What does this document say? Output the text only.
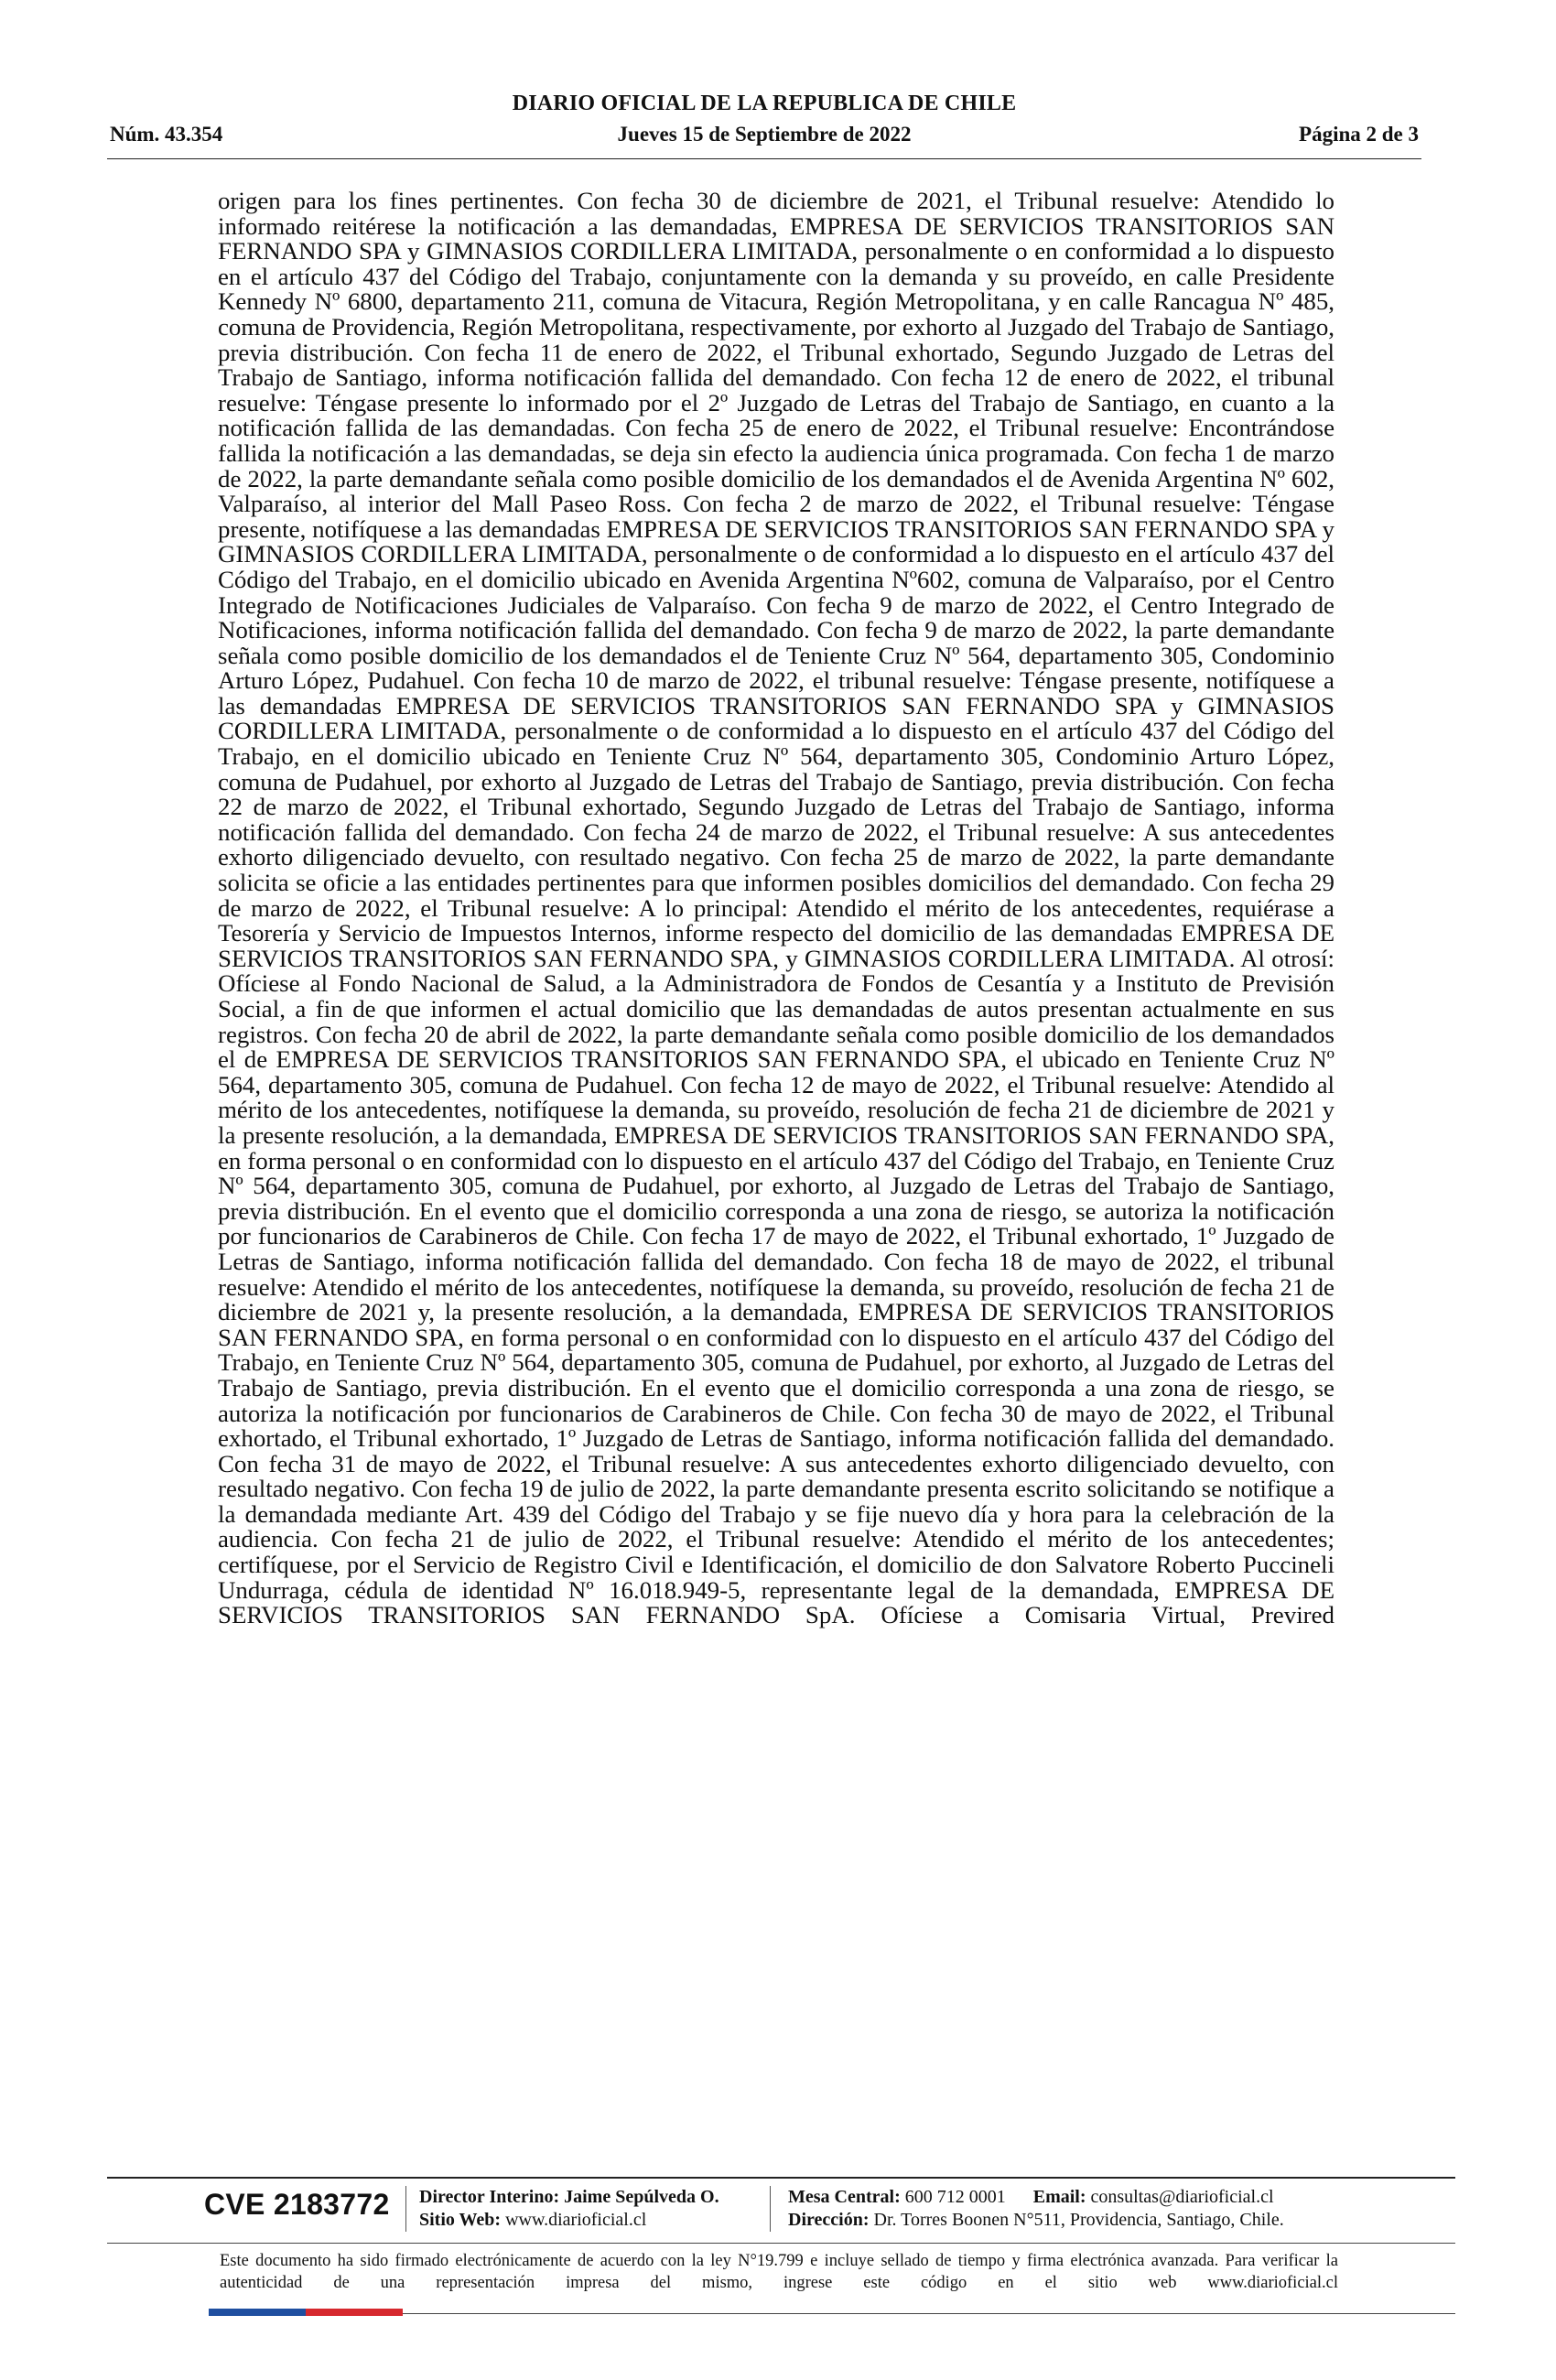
DIARIO OFICIAL DE LA REPUBLICA DE CHILE
Núm. 43.354	Jueves 15 de Septiembre de 2022	Página 2 de 3

origen para los fines pertinentes. Con fecha 30 de diciembre de 2021, el Tribunal resuelve: Atendido lo informado reitérese la notificación a las demandadas, EMPRESA DE SERVICIOS TRANSITORIOS SAN FERNANDO SPA y GIMNASIOS CORDILLERA LIMITADA, personalmente o en conformidad a lo dispuesto en el artículo 437 del Código del Trabajo, conjuntamente con la demanda y su proveído, en calle Presidente Kennedy Nº 6800, departamento 211, comuna de Vitacura, Región Metropolitana, y en calle Rancagua Nº 485, comuna de Providencia, Región Metropolitana, respectivamente, por exhorto al Juzgado del Trabajo de Santiago, previa distribución. Con fecha 11 de enero de 2022, el Tribunal exhortado, Segundo Juzgado de Letras del Trabajo de Santiago, informa notificación fallida del demandado. Con fecha 12 de enero de 2022, el tribunal resuelve: Téngase presente lo informado por el 2º Juzgado de Letras del Trabajo de Santiago, en cuanto a la notificación fallida de las demandadas. Con fecha 25 de enero de 2022, el Tribunal resuelve: Encontrándose fallida la notificación a las demandadas, se deja sin efecto la audiencia única programada. Con fecha 1 de marzo de 2022, la parte demandante señala como posible domicilio de los demandados el de Avenida Argentina Nº 602, Valparaíso, al interior del Mall Paseo Ross. Con fecha 2 de marzo de 2022, el Tribunal resuelve: Téngase presente, notifíquese a las demandadas EMPRESA DE SERVICIOS TRANSITORIOS SAN FERNANDO SPA y GIMNASIOS CORDILLERA LIMITADA, personalmente o de conformidad a lo dispuesto en el artículo 437 del Código del Trabajo, en el domicilio ubicado en Avenida Argentina Nº602, comuna de Valparaíso, por el Centro Integrado de Notificaciones Judiciales de Valparaíso. Con fecha 9 de marzo de 2022, el Centro Integrado de Notificaciones, informa notificación fallida del demandado. Con fecha 9 de marzo de 2022, la parte demandante señala como posible domicilio de los demandados el de Teniente Cruz Nº 564, departamento 305, Condominio Arturo López, Pudahuel. Con fecha 10 de marzo de 2022, el tribunal resuelve: Téngase presente, notifíquese a las demandadas EMPRESA DE SERVICIOS TRANSITORIOS SAN FERNANDO SPA y GIMNASIOS CORDILLERA LIMITADA, personalmente o de conformidad a lo dispuesto en el artículo 437 del Código del Trabajo, en el domicilio ubicado en Teniente Cruz Nº 564, departamento 305, Condominio Arturo López, comuna de Pudahuel, por exhorto al Juzgado de Letras del Trabajo de Santiago, previa distribución. Con fecha 22 de marzo de 2022, el Tribunal exhortado, Segundo Juzgado de Letras del Trabajo de Santiago, informa notificación fallida del demandado. Con fecha 24 de marzo de 2022, el Tribunal resuelve: A sus antecedentes exhorto diligenciado devuelto, con resultado negativo. Con fecha 25 de marzo de 2022, la parte demandante solicita se oficie a las entidades pertinentes para que informen posibles domicilios del demandado. Con fecha 29 de marzo de 2022, el Tribunal resuelve: A lo principal: Atendido el mérito de los antecedentes, requiérase a Tesorería y Servicio de Impuestos Internos, informe respecto del domicilio de las demandadas EMPRESA DE SERVICIOS TRANSITORIOS SAN FERNANDO SPA, y GIMNASIOS CORDILLERA LIMITADA. Al otrosí: Ofíciese al Fondo Nacional de Salud, a la Administradora de Fondos de Cesantía y a Instituto de Previsión Social, a fin de que informen el actual domicilio que las demandadas de autos presentan actualmente en sus registros. Con fecha 20 de abril de 2022, la parte demandante señala como posible domicilio de los demandados el de EMPRESA DE SERVICIOS TRANSITORIOS SAN FERNANDO SPA, el ubicado en Teniente Cruz Nº 564, departamento 305, comuna de Pudahuel. Con fecha 12 de mayo de 2022, el Tribunal resuelve: Atendido al mérito de los antecedentes, notifíquese la demanda, su proveído, resolución de fecha 21 de diciembre de 2021 y la presente resolución, a la demandada, EMPRESA DE SERVICIOS TRANSITORIOS SAN FERNANDO SPA, en forma personal o en conformidad con lo dispuesto en el artículo 437 del Código del Trabajo, en Teniente Cruz Nº 564, departamento 305, comuna de Pudahuel, por exhorto, al Juzgado de Letras del Trabajo de Santiago, previa distribución. En el evento que el domicilio corresponda a una zona de riesgo, se autoriza la notificación por funcionarios de Carabineros de Chile. Con fecha 17 de mayo de 2022, el Tribunal exhortado, 1º Juzgado de Letras de Santiago, informa notificación fallida del demandado. Con fecha 18 de mayo de 2022, el tribunal resuelve: Atendido el mérito de los antecedentes, notifíquese la demanda, su proveído, resolución de fecha 21 de diciembre de 2021 y, la presente resolución, a la demandada, EMPRESA DE SERVICIOS TRANSITORIOS SAN FERNANDO SPA, en forma personal o en conformidad con lo dispuesto en el artículo 437 del Código del Trabajo, en Teniente Cruz Nº 564, departamento 305, comuna de Pudahuel, por exhorto, al Juzgado de Letras del Trabajo de Santiago, previa distribución. En el evento que el domicilio corresponda a una zona de riesgo, se autoriza la notificación por funcionarios de Carabineros de Chile. Con fecha 30 de mayo de 2022, el Tribunal exhortado, el Tribunal exhortado, 1º Juzgado de Letras de Santiago, informa notificación fallida del demandado. Con fecha 31 de mayo de 2022, el Tribunal resuelve: A sus antecedentes exhorto diligenciado devuelto, con resultado negativo. Con fecha 19 de julio de 2022, la parte demandante presenta escrito solicitando se notifique a la demandada mediante Art. 439 del Código del Trabajo y se fije nuevo día y hora para la celebración de la audiencia. Con fecha 21 de julio de 2022, el Tribunal resuelve: Atendido el mérito de los antecedentes; certifíquese, por el Servicio de Registro Civil e Identificación, el domicilio de don Salvatore Roberto Puccineli Undurraga, cédula de identidad Nº 16.018.949-5, representante legal de la demandada, EMPRESA DE SERVICIOS TRANSITORIOS SAN FERNANDO SpA. Ofíciese a Comisaria Virtual, Previred

CVE 2183772 Director Interino: Jaime Sepúlveda O.
Sitio Web: www.diarioficial.cl
Mesa Central: 600 712 0001 Email: consultas@diarioficial.cl
Dirección: Dr. Torres Boonen N°511, Providencia, Santiago, Chile.

Este documento ha sido firmado electrónicamente de acuerdo con la ley N°19.799 e incluye sellado de tiempo y firma electrónica avanzada. Para verificar la autenticidad de una representación impresa del mismo, ingrese este código en el sitio web www.diarioficial.cl
